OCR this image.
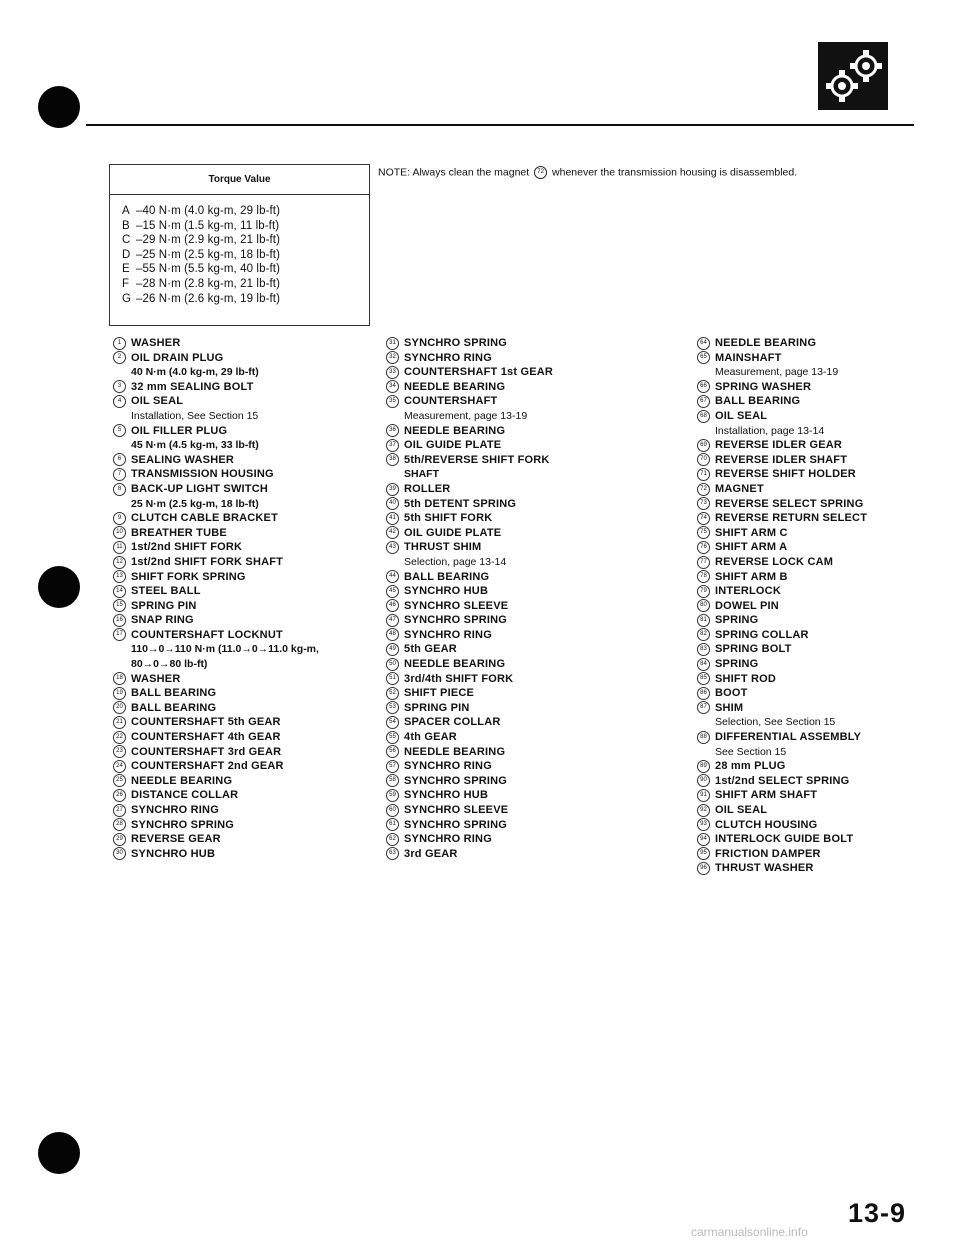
Torque Value
A –40 N·m (4.0 kg-m, 29 lb-ft)
B –15 N·m (1.5 kg-m, 11 lb-ft)
C –29 N·m (2.9 kg-m, 21 lb-ft)
D –25 N·m (2.5 kg-m, 18 lb-ft)
E –55 N·m (5.5 kg-m, 40 lb-ft)
F –28 N·m (2.8 kg-m, 21 lb-ft)
G –26 N·m (2.6 kg-m, 19 lb-ft)
NOTE: Always clean the magnet 72 whenever the transmission housing is disassembled.
1 WASHER
2 OIL DRAIN PLUG
40 N·m (4.0 kg-m, 29 lb-ft)
3 32 mm SEALING BOLT
4 OIL SEAL
Installation, See Section 15
5 OIL FILLER PLUG
45 N·m (4.5 kg-m, 33 lb-ft)
6 SEALING WASHER
7 TRANSMISSION HOUSING
8 BACK-UP LIGHT SWITCH
25 N·m (2.5 kg-m, 18 lb-ft)
9 CLUTCH CABLE BRACKET
10 BREATHER TUBE
11 1st/2nd SHIFT FORK
12 1st/2nd SHIFT FORK SHAFT
13 SHIFT FORK SPRING
14 STEEL BALL
15 SPRING PIN
16 SNAP RING
17 COUNTERSHAFT LOCKNUT
110→0→110 N·m (11.0→0→11.0 kg-m,
80→0→80 lb-ft)
18 WASHER
19 BALL BEARING
20 BALL BEARING
21 COUNTERSHAFT 5th GEAR
22 COUNTERSHAFT 4th GEAR
23 COUNTERSHAFT 3rd GEAR
24 COUNTERSHAFT 2nd GEAR
25 NEEDLE BEARING
26 DISTANCE COLLAR
27 SYNCHRO RING
28 SYNCHRO SPRING
29 REVERSE GEAR
30 SYNCHRO HUB
31 SYNCHRO SPRING
32 SYNCHRO RING
33 COUNTERSHAFT 1st GEAR
34 NEEDLE BEARING
35 COUNTERSHAFT
Measurement, page 13-19
36 NEEDLE BEARING
37 OIL GUIDE PLATE
38 5th/REVERSE SHIFT FORK
SHAFT
39 ROLLER
40 5th DETENT SPRING
41 5th SHIFT FORK
42 OIL GUIDE PLATE
43 THRUST SHIM
Selection, page 13-14
44 BALL BEARING
45 SYNCHRO HUB
46 SYNCHRO SLEEVE
47 SYNCHRO SPRING
48 SYNCHRO RING
49 5th GEAR
50 NEEDLE BEARING
51 3rd/4th SHIFT FORK
52 SHIFT PIECE
53 SPRING PIN
54 SPACER COLLAR
55 4th GEAR
56 NEEDLE BEARING
57 SYNCHRO RING
58 SYNCHRO SPRING
59 SYNCHRO HUB
60 SYNCHRO SLEEVE
61 SYNCHRO SPRING
62 SYNCHRO RING
63 3rd GEAR
64 NEEDLE BEARING
65 MAINSHAFT
Measurement, page 13-19
66 SPRING WASHER
67 BALL BEARING
68 OIL SEAL
Installation, page 13-14
69 REVERSE IDLER GEAR
70 REVERSE IDLER SHAFT
71 REVERSE SHIFT HOLDER
72 MAGNET
73 REVERSE SELECT SPRING
74 REVERSE RETURN SELECT
75 SHIFT ARM C
76 SHIFT ARM A
77 REVERSE LOCK CAM
78 SHIFT ARM B
79 INTERLOCK
80 DOWEL PIN
81 SPRING
82 SPRING COLLAR
83 SPRING BOLT
84 SPRING
85 SHIFT ROD
86 BOOT
87 SHIM
Selection, See Section 15
88 DIFFERENTIAL ASSEMBLY
See Section 15
89 28 mm PLUG
90 1st/2nd SELECT SPRING
91 SHIFT ARM SHAFT
92 OIL SEAL
93 CLUTCH HOUSING
94 INTERLOCK GUIDE BOLT
95 FRICTION DAMPER
96 THRUST WASHER
13-9
carmanualsonline.info
